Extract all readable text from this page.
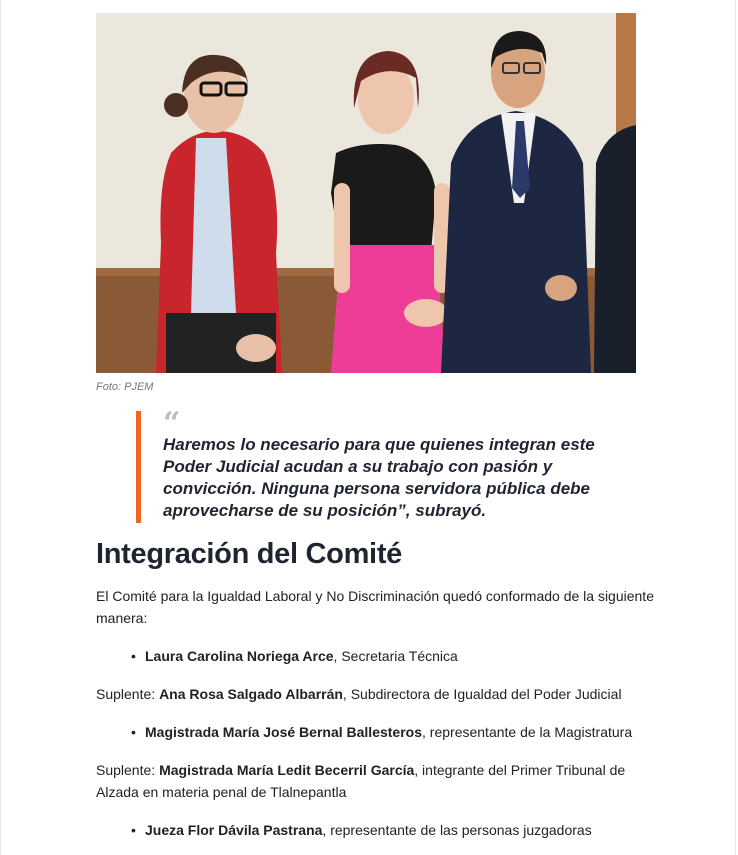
Foto: PJEM
“
Haremos lo necesario para que quienes integran este Poder Judicial acudan a su trabajo con pasión y convicción. Ninguna persona servidora pública debe aprovecharse de su posición”, subrayó.
Integración del Comité

El Comité para la Igualdad Laboral y No Discriminación quedó conformado de la siguiente manera:

• Laura Carolina Noriega Arce, Secretaria Técnica

Suplente: Ana Rosa Salgado Albarrán, Subdirectora de Igualdad del Poder Judicial

• Magistrada María José Bernal Ballesteros, representante de la Magistratura

Suplente: Magistrada María Ledit Becerril García, integrante del Primer Tribunal de Alzada en materia penal de Tlalnepantla

• Jueza Flor Dávila Pastrana, representante de las personas juzgadoras
